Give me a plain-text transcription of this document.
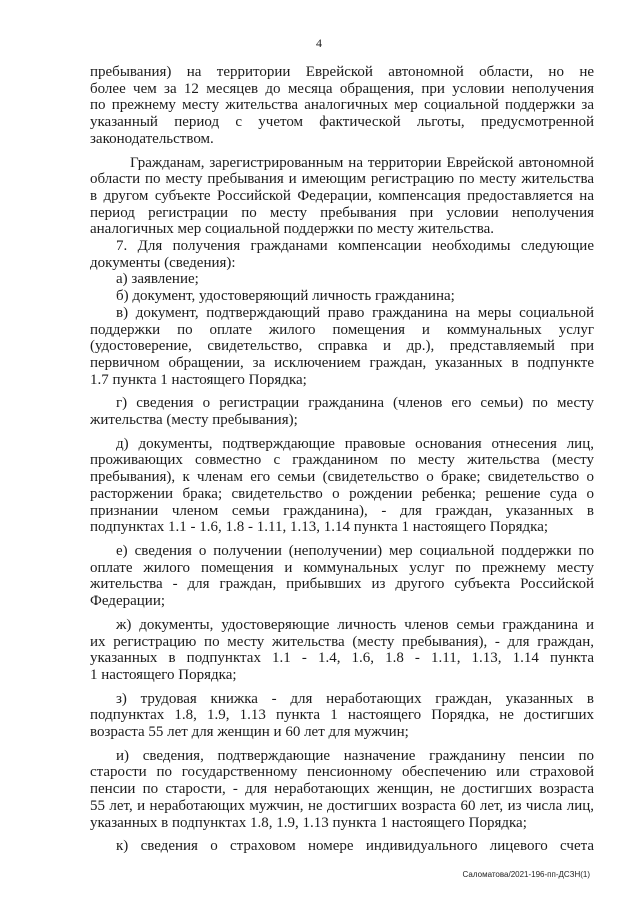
4
пребывания) на территории Еврейской автономной области, но не
более чем за 12 месяцев до месяца обращения, при условии неполучения
по прежнему месту жительства аналогичных мер социальной поддержки за
указанный период с учетом фактической льготы, предусмотренной
законодательством.
Гражданам, зарегистрированным на территории Еврейской автономной
области по месту пребывания и имеющим регистрацию по месту жительства
в другом субъекте Российской Федерации, компенсация предоставляется на
период регистрации по месту пребывания при условии неполучения
аналогичных мер социальной поддержки по месту жительства.
7. Для получения гражданами компенсации необходимы следующие
документы (сведения):
а) заявление;
б) документ, удостоверяющий личность гражданина;
в) документ, подтверждающий право гражданина на меры социальной
поддержки по оплате жилого помещения и коммунальных услуг
(удостоверение, свидетельство, справка и др.), представляемый при
первичном обращении, за исключением граждан, указанных в подпункте
1.7 пункта 1 настоящего Порядка;
г) сведения о регистрации гражданина (членов его семьи) по месту
жительства (месту пребывания);
д) документы, подтверждающие правовые основания отнесения лиц,
проживающих совместно с гражданином по месту жительства (месту
пребывания), к членам его семьи (свидетельство о браке; свидетельство о
расторжении брака; свидетельство о рождении ребенка; решение суда о
признании членом семьи гражданина), - для граждан, указанных в
подпунктах 1.1 - 1.6, 1.8 - 1.11, 1.13, 1.14 пункта 1 настоящего Порядка;
е) сведения о получении (неполучении) мер социальной поддержки по
оплате жилого помещения и коммунальных услуг по прежнему месту
жительства - для граждан, прибывших из другого субъекта Российской
Федерации;
ж) документы, удостоверяющие личность членов семьи гражданина и
их регистрацию по месту жительства (месту пребывания), - для граждан,
указанных в подпунктах 1.1 - 1.4, 1.6, 1.8 - 1.11, 1.13, 1.14 пункта
1 настоящего Порядка;
з) трудовая книжка - для неработающих граждан, указанных в
подпунктах 1.8, 1.9, 1.13 пункта 1 настоящего Порядка, не достигших
возраста 55 лет для женщин и 60 лет для мужчин;
и) сведения, подтверждающие назначение гражданину пенсии по
старости по государственному пенсионному обеспечению или страховой
пенсии по старости, - для неработающих женщин, не достигших возраста
55 лет, и неработающих мужчин, не достигших возраста 60 лет, из числа лиц,
указанных в подпунктах 1.8, 1.9, 1.13 пункта 1 настоящего Порядка;
к) сведения о страховом номере индивидуального лицевого счета
Саломатова/2021-196-пп-ДСЗН(1)
